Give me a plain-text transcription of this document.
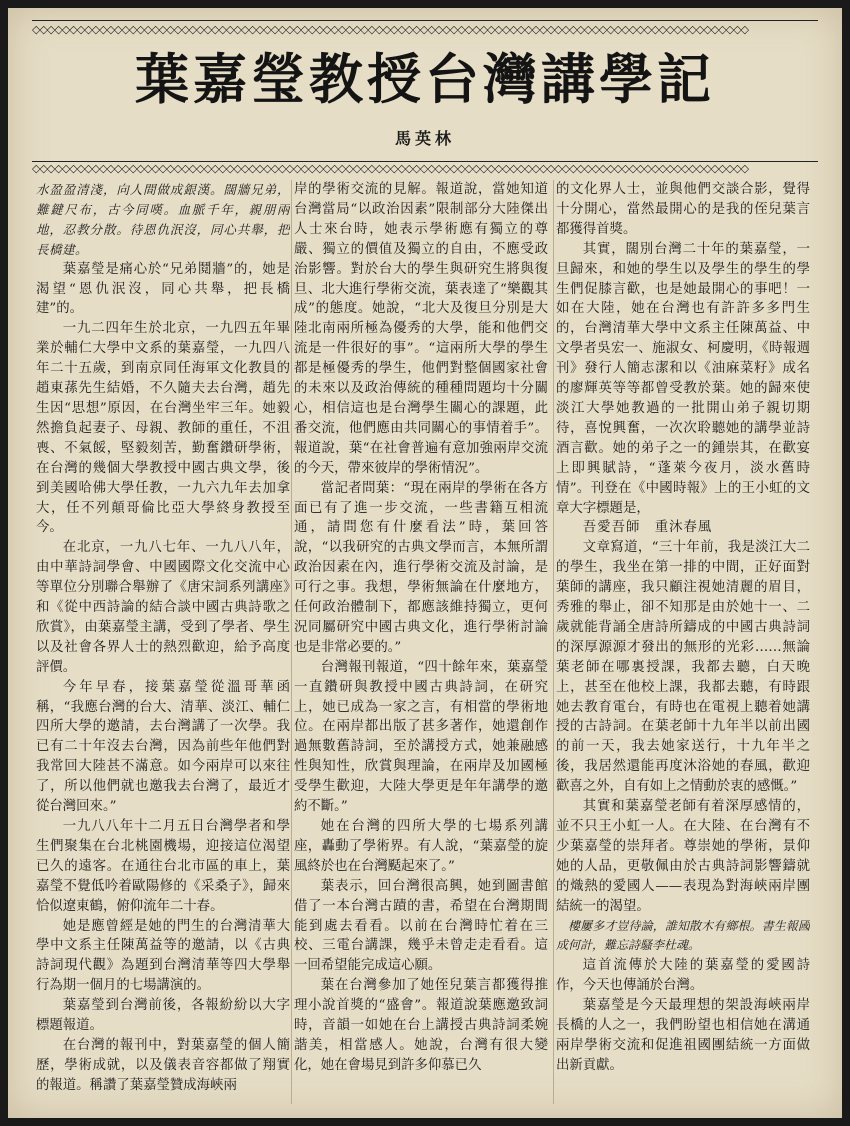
◇◇◇◇◇◇◇◇◇◇◇◇◇◇◇◇◇◇◇◇◇◇◇◇◇◇◇◇◇◇◇◇◇◇◇◇◇◇◇◇◇◇◇◇◇◇◇◇◇◇◇◇◇◇◇◇◇◇◇◇◇◇◇◇◇◇◇◇◇◇◇◇◇◇◇◇◇◇◇◇◇◇◇◇◇◇◇◇◇◇◇◇◇◇◇◇
葉嘉瑩教授台灣講學記
馬英林
◇◇◇◇◇◇◇◇◇◇◇◇◇◇◇◇◇◇◇◇◇◇◇◇◇◇◇◇◇◇◇◇◇◇◇◇◇◇◇◇◇◇◇◇◇◇◇◇◇◇◇◇◇◇◇◇◇◇◇◇◇◇◇◇◇◇◇◇◇◇◇◇◇◇◇◇◇◇◇◇◇◇◇◇◇◇◇◇◇◇◇◇◇◇◇◇

水盈盈清淺，向人間做成銀漢。闊牆兄弟，難鍵尺布，古今同嘆。血脈千年，親朋兩地，忍教分散。待恩仇泯沒，同心共舉，把長橋建。

葉嘉瑩是痛心於“兄弟鬩牆”的，她是渴望“恩仇泯沒，同心共舉，把長橋建”的。

一九二四年生於北京，一九四五年畢業於輔仁大學中文系的葉嘉瑩，一九四八年二十五歲，到南京同任海軍文化教員的趙東蓀先生結婚，不久隨夫去台灣，趙先生因“思想”原因，在台灣坐牢三年。她毅然擔負起妻子、母親、教師的重任，不沮喪、不氣餒，堅毅刻苦，勤奮鑽研學術，在台灣的幾個大學教授中國古典文學，後到美國哈佛大學任教，一九六九年去加拿大，任不列顛哥倫比亞大學終身教授至今。

在北京，一九八七年、一九八八年，由中華詩詞學會、中國國際文化交流中心等單位分別聯合舉辦了《唐宋詞系列講座》和《從中西詩論的結合談中國古典詩歌之欣賞》，由葉嘉瑩主講，受到了學者、學生以及社會各界人士的熱烈歡迎，給予高度評價。

今年早春，接葉嘉瑩從溫哥華函稱，“我應台灣的台大、清華、淡江、輔仁四所大學的邀請，去台灣講了一次學。我已有二十年沒去台灣，因為前些年他們對我常回大陸甚不滿意。如今兩岸可以來往了，所以他們就也邀我去台灣了，最近才從台灣回來。”

一九八八年十二月五日台灣學者和學生們聚集在台北桃園機場，迎接這位渴望已久的遠客。在通往台北市區的車上，葉嘉瑩不覺低吟着歐陽修的《采桑子》，歸來恰似遼東鶴，俯仰流年二十春。

她是應曾經是她的門生的台灣清華大學中文系主任陳萬益等的邀請，以《古典詩詞現代觀》為題到台灣清華等四大學舉行為期一個月的七場講演的。

葉嘉瑩到台灣前後，各報紛紛以大字標題報道。

在台灣的報刊中，對葉嘉瑩的個人簡歷，學術成就，以及儀表音容都做了翔實的報道。稱讚了葉嘉瑩贊成海峽兩

岸的學術交流的見解。報道說，當她知道台灣當局“以政治因素”限制部分大陸傑出人士來台時，她表示學術應有獨立的尊嚴、獨立的價值及獨立的自由，不應受政治影響。對於台大的學生與研究生將與復旦、北大進行學術交流，葉表達了“樂觀其成”的態度。她說，“北大及復旦分別是大陸北南兩所極為優秀的大學，能和他們交流是一件很好的事”。“這兩所大學的學生都是極優秀的學生，他們對整個國家社會的未來以及政治傳統的種種問題均十分關心，相信這也是台灣學生關心的課題，此番交流，他們應由共同關心的事情着手”。報道說，葉“在社會普遍有意加強兩岸交流的今天，帶來彼岸的學術情況”。

當記者問葉：“現在兩岸的學術在各方面已有了進一步交流，一些書籍互相流通，請問您有什麼看法”時，葉回答說，“以我研究的古典文學而言，本無所謂政治因素在內，進行學術交流及討論，是可行之事。我想，學術無論在什麼地方，任何政治體制下，都應該維持獨立，更何況同屬研究中國古典文化，進行學術討論也是非常必要的。”

台灣報刊報道，“四十餘年來，葉嘉瑩一直鑽研與教授中國古典詩詞，在研究上，她已成為一家之言，有相當的學術地位。在兩岸都出版了甚多著作，她還創作過無數舊詩詞，至於講授方式，她兼融感性與知性，欣賞與理論，在兩岸及加國極受學生歡迎，大陸大學更是年年講學的邀約不斷。”

她在台灣的四所大學的七場系列講座，轟動了學術界。有人說，“葉嘉瑩的旋風終於也在台灣颳起來了。”

葉表示，回台灣很高興，她到圖書館借了一本台灣古蹟的書，希望在台灣期間能到處去看看。以前在台灣時忙着在三校、三電台講課，幾乎未曾走走看看。這一回希望能完成這心願。

葉在台灣參加了她侄兒葉言都獲得推理小說首獎的“盛會”。報道說葉應邀致詞時，音韻一如她在台上講授古典詩詞柔婉諧美，相當感人。她說，台灣有很大變化，她在會場見到許多仰慕已久

的文化界人士，並與他們交談合影，覺得十分開心，當然最開心的是我的侄兒葉言都獲得首獎。

其實，闊別台灣二十年的葉嘉瑩，一旦歸來，和她的學生以及學生的學生的學生們促膝言歡，也是她最開心的事吧！一如在大陸，她在台灣也有許許多多門生的，台灣清華大學中文系主任陳萬益、中文學者吳宏一、施淑女、柯慶明，《時報週刊》發行人簡志潔和以《油麻菜籽》成名的廖輝英等等都曾受教於葉。她的歸來使淡江大學她教過的一批開山弟子親切期待，喜悅興奮，一次次聆聽她的講學並詩酒言歡。她的弟子之一的鍾崇其，在歡宴上即興賦詩，“蓬萊今夜月，淡水舊時情”。刊登在《中國時報》上的王小虹的文章大字標題是，

吾愛吾師　重沐春風

文章寫道，“三十年前，我是淡江大二的學生，我坐在第一排的中間，正好面對葉師的講座，我只顧注視她清麗的眉目，秀雅的舉止，卻不知那是由於她十一、二歲就能背誦全唐詩所鑄成的中國古典詩詞的深厚源源才發出的無形的光彩……無論葉老師在哪裏授課，我都去聽，白天晚上，甚至在他校上課，我都去聽，有時跟她去教育電台，有時也在電視上聽着她講授的古詩詞。在葉老師十九年半以前出國的前一天，我去她家送行，十九年半之後，我居然還能再度沐浴她的春風，歡迎歡喜之外，自有如上之情動於衷的感慨。”

其實和葉嘉瑩老師有着深厚感情的，並不只王小虹一人。在大陸、在台灣有不少葉嘉瑩的崇拜者。尊崇她的學術，景仰她的人品，更敬佩由於古典詩詞影響鑄就的熾熱的愛國人——表現為對海峽兩岸團結統一的渴望。

樓屢多才豈待論，誰知散木有鄉根。書生報國成何計，難忘詩騷李杜魂。

這首流傳於大陸的葉嘉瑩的愛國詩作，今天也傳誦於台灣。

葉嘉瑩是今天最理想的架設海峽兩岸長橋的人之一，我們盼望也相信她在溝通兩岸學術交流和促進祖國團結統一方面做出新貢獻。
